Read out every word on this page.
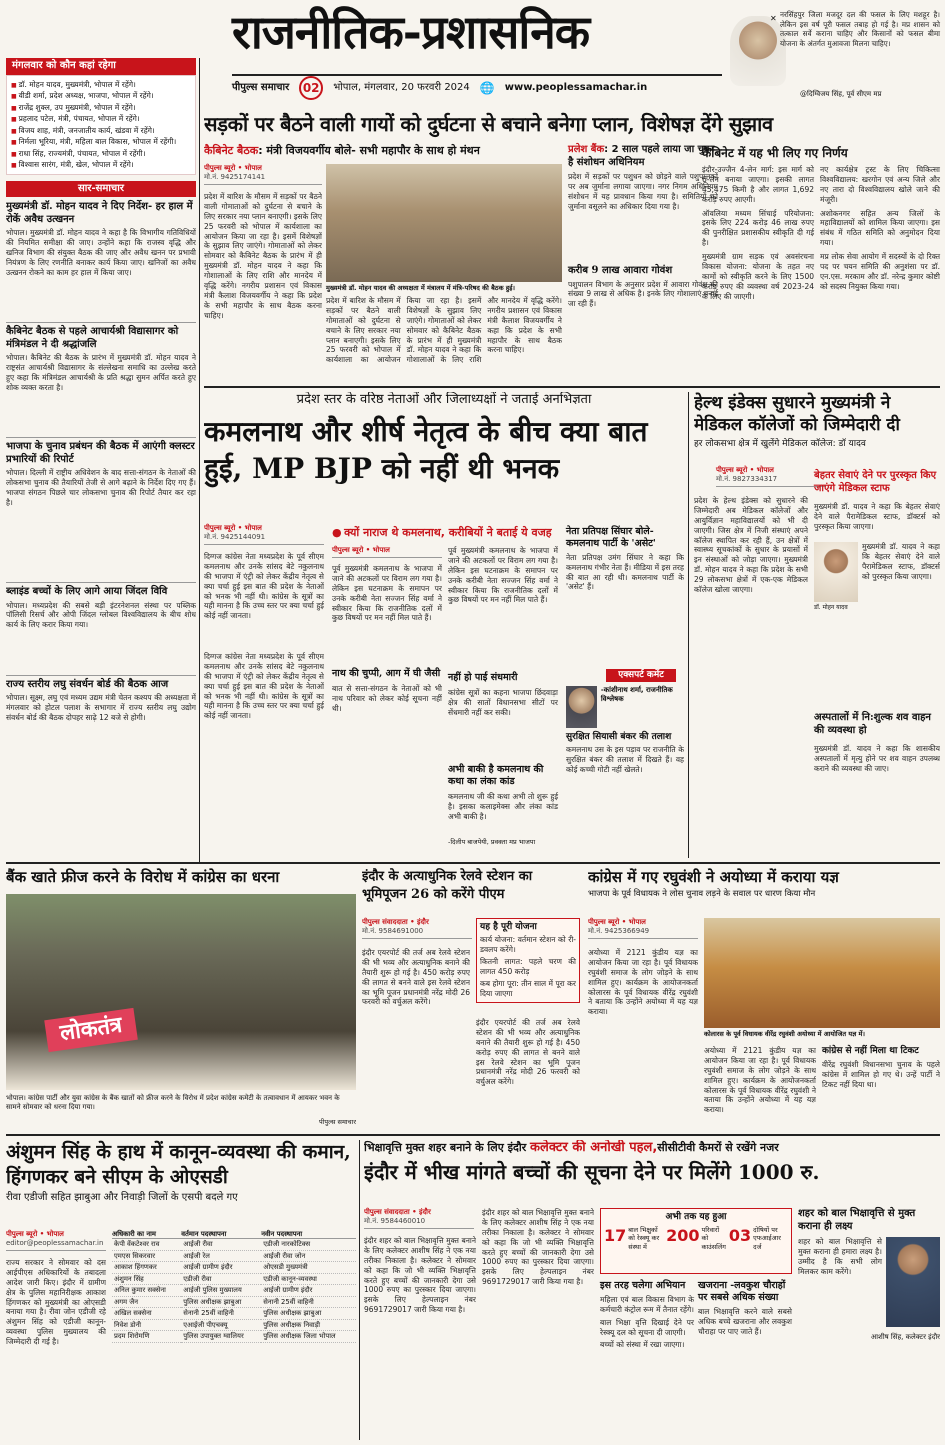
राजनीतिक-प्रशासनिक
पीपुल्स समाचार	02	भोपाल, मंगलवार, 20 फरवरी 2024 🌐 www.peoplessamachar.in
✕ नरसिंहपुर जिला मजदूर दल की फसल के लिए मशहूर है। लेकिन इस वर्ष पूरी फसल तबाह हो गई है। मप्र शासन को तत्काल सर्वे कराना चाहिए और किसानों को फसल बीमा योजना के अंतर्गत मुआवजा मिलना चाहिए।
@दिग्विजय सिंह, पूर्व सीएम मप्र
मंगलवार को कौन कहां रहेगा
■ डॉ. मोहन यादव, मुख्यमंत्री, भोपाल में रहेंगे।
■ वीडी शर्मा, प्रदेश अध्यक्ष, भाजपा, भोपाल में रहेंगे।
■ राजेंद्र शुक्ल, उप मुख्यमंत्री, भोपाल में रहेंगे।
■ प्रहलाद पटेल, मंत्री, पंचायत, भोपाल में रहेंगे।
■ विजय शाह, मंत्री, जनजातीय कार्य, खंडवा में रहेंगे।
■ निर्मला भूरिया, मंत्री, महिला बाल विकास, भोपाल में रहेंगी।
■ राधा सिंह, राज्यमंत्री, पंचायत, भोपाल में रहेंगी।
■ विश्वास सारंग, मंत्री, खेल, भोपाल में रहेंगे।
सार-समाचार
मुख्यमंत्री डॉ. मोहन यादव ने दिए निर्देश- हर हाल में रोकें अवैध उत्खनन
भोपाल। मुख्यमंत्री डॉ. मोहन यादव ने कहा है कि विभागीय गतिविधियों की नियमित समीक्षा की जाए। उन्होंने कहा कि राजस्व वृद्धि और खनिज विभाग की संयुक्त बैठक की जाए और अवैध खनन पर प्रभावी नियंत्रण के लिए रणनीति बनाकर कार्य किया जाए। खनिजों का अवैध उत्खनन रोकने का काम हर हाल में किया जाए।
कैबिनेट बैठक से पहले आचार्यश्री विद्यासागर को मंत्रिमंडल ने दी श्रद्धांजलि
भोपाल। कैबिनेट की बैठक के प्रारंभ में मुख्यमंत्री डॉ. मोहन यादव ने राष्ट्रसंत आचार्यश्री विद्यासागर के संल्लेखना समाधि का उल्लेख करते हुए कहा कि मंत्रिमंडल आचार्यश्री के प्रति श्रद्धा सुमन अर्पित करते हुए शोक व्यक्त करता है।
भाजपा के चुनाव प्रबंधन की बैठक में आएंगी क्लस्टर प्रभारियों की रिपोर्ट
भोपाल। दिल्ली में राष्ट्रीय अधिवेशन के बाद सत्ता-संगठन के नेताओं की लोकसभा चुनाव की तैयारियों तेजी से आगे बढ़ाने के निर्देश दिए गए हैं। भाजपा संगठन पिछले चार लोकसभा चुनाव की रिपोर्ट तैयार कर रहा है।
ब्लाइंड बच्चों के लिए आगे आया जिंदल विवि
भोपाल। मध्यप्रदेश की सबसे बड़ी इंटरनेशनल संस्था पर पब्लिक पॉलिसी रिसर्च और ओपी जिंदल ग्लोबल विश्वविद्यालय के बीच शोध कार्य के लिए करार किया गया।
राज्य स्तरीय लघु संवर्धन बोर्ड की बैठक आज
भोपाल। सूक्ष्म, लघु एवं मध्यम उद्यम मंत्री चेतन कश्यप की अध्यक्षता में मंगलवार को होटल पलाश के सभागार में राज्य स्तरीय लघु उद्योग संवर्धन बोर्ड की बैठक दोपहर साढ़े 12 बजे से होगी।
सड़कों पर बैठने वाली गायों को दुर्घटना से बचाने बनेगा प्लान, विशेषज्ञ देंगे सुझाव
कैबिनेट बैठक: मंत्री विजयवर्गीय बोले- सभी महापौर के साथ हो मंथन
पीपुल्स ब्यूरो • भोपाल
मो.नं. 9425174141
मुख्यमंत्री डॉ. मोहन यादव की अध्यक्षता में मंत्रालय में मंत्रि-परिषद की बैठक हुई।
प्रदेश में बारिश के मौसम में सड़कों पर बैठने वाली गोमाताओं को दुर्घटना से बचाने के लिए सरकार नया प्लान बनाएगी। इसके लिए 25 फरवरी को भोपाल में कार्यशाला का आयोजन किया जा रहा है। इसमें विशेषज्ञों के सुझाव लिए जाएंगे। गोमाताओं को लेकर सोमवार को कैबिनेट बैठक के प्रारंभ में ही मुख्यमंत्री डॉ. मोहन यादव ने कहा कि गोशालाओं के लिए राशि और मानदेय में वृद्धि करेंगे। नगरीय प्रशासन एवं विकास मंत्री कैलाश विजयवर्गीय ने कहा कि प्रदेश के सभी महापौर के साथ बैठक करना चाहिए।
प्रदेश में बारिश के मौसम में सड़कों पर बैठने वाली गोमाताओं को दुर्घटना से बचाने के लिए सरकार नया प्लान बनाएगी। इसके लिए 25 फरवरी को भोपाल में कार्यशाला का आयोजन किया जा रहा है। इसमें विशेषज्ञों के सुझाव लिए जाएंगे। गोमाताओं को लेकर सोमवार को कैबिनेट बैठक के प्रारंभ में ही मुख्यमंत्री डॉ. मोहन यादव ने कहा कि गोशालाओं के लिए राशि और मानदेय में वृद्धि करेंगे। नगरीय प्रशासन एवं विकास मंत्री कैलाश विजयवर्गीय ने कहा कि प्रदेश के सभी महापौर के साथ बैठक करना चाहिए।
प्रलेश बैंक: 2 साल पहले लाया जा चुका है संशोधन अधिनियम
प्रदेश में सड़कों पर पशुधन को छोड़ने वाले पशुपालकों पर अब जुर्माना लगाया जाएगा। नगर निगम अधिनियम संशोधन में यह प्रावधान किया गया है। समितियों को जुर्माना वसूलने का अधिकार दिया गया है।
करीब 9 लाख आवारा गोवंश
पशुपालन विभाग के अनुसार प्रदेश में आवारा गोवंश की संख्या 9 लाख से अधिक है। इनके लिए गोशालाएं बनाई जा रही हैं।
कैबिनेट में यह भी लिए गए निर्णय
इंदौर-उज्जैन 4-लेन मार्ग: इस मार्ग को 6-लेन बनाया जाएगा। इसकी लागत 45,475 किमी है और लागत 1,692 करोड़ रुपए आएगी।
ऑवलिया मध्यम सिंचाई परियोजना: इसके लिए 224 करोड़ 46 लाख रुपए की पुनरीक्षित प्रशासकीय स्वीकृति दी गई है।
मुख्यमंत्री ग्राम सड़क एवं अवसंरचना विकास योजना: योजना के तहत नए कामों को स्वीकृति करने के लिए 1500 करोड़ रुपए की व्यवस्था वर्ष 2023-24 के लिए की जाएगी।
नए कार्यक्षेत्र ट्रस्ट के लिए चिकित्सा विश्वविद्यालय: खरगोन एवं अन्य जिले और नए तारा दो विश्वविद्यालय खोले जाने की मंजूरी।
अशोकनगर सहित अन्य जिलों के महाविद्यालयों को शामिल किया जाएगा। इस संबंध में गठित समिति को अनुमोदन दिया गया।
मप्र लोक सेवा आयोग में सदस्यों के दो रिक्त पद पर चयन समिति की अनुशंसा पर डॉ. एन.एस. मरकाम और डॉ. नरेन्द्र कुमार कोष्टी को सदस्य नियुक्त किया गया।
प्रदेश स्तर के वरिष्ठ नेताओं और जिलाध्यक्षों ने जताई अनभिज्ञता
कमलनाथ और शीर्ष नेतृत्व के बीच क्या बात हुई, MP BJP को नहीं थी भनक
पीपुल्स ब्यूरो • भोपाल
मो.नं. 9425144091
दिग्गज कांग्रेस नेता मध्यप्रदेश के पूर्व सीएम कमलनाथ और उनके सांसद बेटे नकुलनाथ की भाजपा में एंट्री को लेकर केंद्रीय नेतृत्व से क्या चर्चा हुई इस बात की प्रदेश के नेताओं को भनक भी नहीं थी। कांग्रेस के सूत्रों का यही मानना है कि उच्च स्तर पर क्या चर्चा हुई कोई नहीं जानता।
दिग्गज कांग्रेस नेता मध्यप्रदेश के पूर्व सीएम कमलनाथ और उनके सांसद बेटे नकुलनाथ की भाजपा में एंट्री को लेकर केंद्रीय नेतृत्व से क्या चर्चा हुई इस बात की प्रदेश के नेताओं को भनक भी नहीं थी। कांग्रेस के सूत्रों का यही मानना है कि उच्च स्तर पर क्या चर्चा हुई कोई नहीं जानता।
● क्यों नाराज थे कमलनाथ, करीबियों ने बताई ये वजह
पीपुल्स ब्यूरो • भोपाल
पूर्व मुख्यमंत्री कमलनाथ के भाजपा में जाने की अटकलों पर विराम लग गया है। लेकिन इस घटनाक्रम के समापन पर उनके करीबी नेता सज्जन सिंह वर्मा ने स्वीकार किया कि राजनीतिक दलों में कुछ विषयों पर मन नहीं मिल पाते हैं।
नाथ की चुप्पी, आग में घी जैसी
बात से सत्ता-संगठन के नेताओं को भी नाथ परिवार को लेकर कोई सूचना नहीं थी।
पूर्व मुख्यमंत्री कमलनाथ के भाजपा में जाने की अटकलों पर विराम लग गया है। लेकिन इस घटनाक्रम के समापन पर उनके करीबी नेता सज्जन सिंह वर्मा ने स्वीकार किया कि राजनीतिक दलों में कुछ विषयों पर मन नहीं मिल पाते हैं।
नहीं हो पाई संधमारी
कांग्रेस सूत्रों का कहना भाजपा छिंदवाड़ा क्षेत्र की सातों विधानसभा सीटों पर सेंधमारी नहीं कर सकी।
अभी बाकी है कमलनाथ की कथा का लंका कांड
कमलनाथ जी की कथा अभी तो शुरू हुई है। इसका कलाइमेक्स और लंका कांड अभी बाकी है।
-दिलीप बाजपेयी, प्रवक्ता मप्र भाजपा
नेता प्रतिपक्ष सिंघार बोले- कमलनाथ पार्टी के 'असेट'
नेता प्रतिपक्ष उमंग सिंघार ने कहा कि कमलनाथ गंभीर नेता हैं। मीडिया में इस तरह की बात आ रही थी। कमलनाथ पार्टी के 'असेट' हैं।
एक्सपर्ट कमेंट
-कांशीनाथ शर्मा, राजनीतिक विश्लेषक
सुरक्षित सियासी बंकर की तलाश
कमलनाथ उस के इस पड़ाव पर राजनीति के सुरक्षित बंकर की तलाश में दिखते हैं। वह कोई कच्ची गोटी नहीं खेलते।
हेल्थ इंडेक्स सुधारने मुख्यमंत्री ने मेडिकल कॉलेजों को जिम्मेदारी दी
हर लोकसभा क्षेत्र में खुलेंगे मेडिकल कॉलेज: डॉ यादव
पीपुल्स ब्यूरो • भोपाल
मो.नं. 9827334317
प्रदेश के हेल्थ इंडेक्स को सुधारने की जिम्मेदारी अब मेडिकल कॉलेजों और आयुर्विज्ञान महाविद्यालयों को भी दी जाएगी। जिस क्षेत्र में निजी संस्थाएं अपने कॉलेज स्थापित कर रही हैं, उन क्षेत्रों में स्वास्थ्य सूचकांकों के सुधार के प्रयासों में इन संस्थाओं को जोड़ा जाएगा। मुख्यमंत्री डॉ. मोहन यादव ने कहा कि प्रदेश के सभी 29 लोकसभा क्षेत्रों में एक-एक मेडिकल कॉलेज खोला जाएगा।
बेहतर सेवाएं देने पर पुरस्कृत किए जाएंगे मेडिकल स्टाफ
मुख्यमंत्री डॉ. यादव ने कहा कि बेहतर सेवाएं देने वाले पैरामेडिकल स्टाफ, डॉक्टर्स को पुरस्कृत किया जाएगा।
डॉ. मोहन यादव
मुख्यमंत्री डॉ. यादव ने कहा कि बेहतर सेवाएं देने वाले पैरामेडिकल स्टाफ, डॉक्टर्स को पुरस्कृत किया जाएगा।
अस्पतालों में नि:शुल्क शव वाहन की व्यवस्था हो
मुख्यमंत्री डॉ. यादव ने कहा कि शासकीय अस्पतालों में मृत्यु होने पर शव वाहन उपलब्ध कराने की व्यवस्था की जाए।
बैंक खाते फ्रीज करने के विरोध में कांग्रेस का धरना
लोकतंत्र
भोपाल। कांग्रेस पार्टी और युवा कांग्रेस के बैंक खातों को फ्रीज करने के विरोध में प्रदेश कांग्रेस कमेटी के तत्वावधान में आयकर भवन के सामने सोमवार को धरना दिया गया।
पीपुल्स समाचार
इंदौर के अत्याधुनिक रेलवे स्टेशन का भूमिपूजन 26 को करेंगे पीएम
पीपुल्स संवाददाता • इंदौर
मो.नं. 9584691000
इंदौर एयरपोर्ट की तर्ज अब रेलवे स्टेशन की भी भव्य और अत्याधुनिक बनाने की तैयारी शुरू हो गई है। 450 करोड़ रुपए की लागत से बनने वाले इस रेलवे स्टेशन का भूमि पूजन प्रधानमंत्री नरेंद्र मोदी 26 फरवरी को वर्चुअल करेंगे।
यह है पूरी योजना
कार्य योजना: वर्तमान स्टेशन को री-डवलप करेंगे।
कितनी लागत: पहले चरण की लागत 450 करोड़
कब होगा पूरा: तीन साल में पूरा कर दिया जाएगा
इंदौर एयरपोर्ट की तर्ज अब रेलवे स्टेशन की भी भव्य और अत्याधुनिक बनाने की तैयारी शुरू हो गई है। 450 करोड़ रुपए की लागत से बनने वाले इस रेलवे स्टेशन का भूमि पूजन प्रधानमंत्री नरेंद्र मोदी 26 फरवरी को वर्चुअल करेंगे।
कांग्रेस में गए रघुवंशी ने अयोध्या में कराया यज्ञ
भाजपा के पूर्व विधायक ने लोस चुनाव लड़ने के सवाल पर धारण किया मौन
पीपुल्स ब्यूरो • भोपाल
मो.नं. 9425366949
अयोध्या में 2121 कुंडीय यज्ञ का आयोजन किया जा रहा है। पूर्व विधायक रघुवंशी समाज के लोग जोड़ने के साथ शामिल हुए। कार्यक्रम के आयोजनकर्ता कोलारस के पूर्व विधायक वीरेंद्र रघुवंशी ने बताया कि उन्होंने अयोध्या में यह यज्ञ कराया।
कोलारस के पूर्व विधायक वीरेंद्र रघुवंशी अयोध्या में आयोजित यज्ञ में।
अयोध्या में 2121 कुंडीय यज्ञ का आयोजन किया जा रहा है। पूर्व विधायक रघुवंशी समाज के लोग जोड़ने के साथ शामिल हुए। कार्यक्रम के आयोजनकर्ता कोलारस के पूर्व विधायक वीरेंद्र रघुवंशी ने बताया कि उन्होंने अयोध्या में यह यज्ञ कराया।
कांग्रेस से नहीं मिला था टिकट
वीरेंद्र रघुवंशी विधानसभा चुनाव के पहले कांग्रेस में शामिल हो गए थे। उन्हें पार्टी ने टिकट नहीं दिया था।
अंशुमन सिंह के हाथ में कानून-व्यवस्था की कमान, हिंगणकर बने सीएम के ओएसडी
रीवा एडीजी सहित झाबुआ और निवाड़ी जिलों के एसपी बदले गए
पीपुल्स ब्यूरो • भोपाल
editor@peoplessamachar.in
राज्य सरकार ने सोमवार को दस आईपीएस अधिकारियों के तबादला आदेश जारी किए। इंदौर में ग्रामीण क्षेत्र के पुलिस महानिरीक्षक आकाश हिंगणकर को मुख्यमंत्री का ओएसडी बनाया गया है। रीवा जोन एडीजी रहे अंशुमन सिंह को एडीजी कानून-व्यवस्था पुलिस मुख्यालय की जिम्मेदारी दी गई है।
अधिकारी का नाम	वर्तमान पदस्थापना	नवीन पदस्थापना
केपी वेंकटेश्वर राव	आईजी रीवा	एडीजी नारकोटिक्स
एमएस सिकरवार	आईजी रेल	आईजी रीवा जोन
आकाश हिंगणकर	आईजी ग्रामीण इंदौर	ओएसडी मुख्यमंत्री
अंशुमन सिंह	एडीजी रीवा	एडीजी कानून-व्यवस्था
अनिल कुमार सक्सेना	आईजी पुलिस मुख्यालय	आईजी ग्रामीण इंदौर
अगम जैन	पुलिस अधीक्षक झाबुआ	सेनानी 25वीं वाहिनी
अखिल सक्सेना	सेनानी 25वीं वाहिनी	पुलिस अधीक्षक झाबुआ
निवेश डोनी	एआईजी पीएचक्यू	पुलिस अधीक्षक निवाड़ी
प्रदम शिरोमणि	पुलिस उपायुक्त ग्वालियर	पुलिस अधीक्षक जिला भोपाल
भिक्षावृत्ति मुक्त शहर बनाने के लिए इंदौर कलेक्टर की अनोखी पहल,सीसीटीवी कैमरों से रखेंगे नजर
इंदौर में भीख मांगते बच्चों की सूचना देने पर मिलेंगे 1000 रु.
पीपुल्स संवाददाता • इंदौर
मो.नं. 9584460010
इंदौर शहर को बाल भिक्षावृत्ति मुक्त बनाने के लिए कलेक्टर आशीष सिंह ने एक नया तरीका निकाला है। कलेक्टर ने सोमवार को कहा कि जो भी व्यक्ति भिक्षावृत्ति करते हुए बच्चों की जानकारी देगा उसे 1000 रुपए का पुरस्कार दिया जाएगा। इसके लिए हेल्पलाइन नंबर 9691729017 जारी किया गया है।
इंदौर शहर को बाल भिक्षावृत्ति मुक्त बनाने के लिए कलेक्टर आशीष सिंह ने एक नया तरीका निकाला है। कलेक्टर ने सोमवार को कहा कि जो भी व्यक्ति भिक्षावृत्ति करते हुए बच्चों की जानकारी देगा उसे 1000 रुपए का पुरस्कार दिया जाएगा। इसके लिए हेल्पलाइन नंबर 9691729017 जारी किया गया है।
अभी तक यह हुआ
17 बाल भिक्षुकों को रेस्क्यू कर संस्था में
200 परिवारों को काउंसलिंग
03 दोषियों पर एफआईआर दर्ज
इस तरह चलेगा अभियान
महिला एवं बाल विकास विभाग के कर्मचारी कंट्रोल रूम में तैनात रहेंगे।
बाल भिक्षा वृत्ति दिखाई देने पर रेस्क्यू दल को सूचना दी जाएगी।
बच्चों को संस्था में रखा जाएगा।
खजराना -लवकुश चौराहों पर सबसे अधिक संख्या
बाल भिक्षावृत्ति करने वाले सबसे अधिक बच्चे खजराना और लवकुश चौराहा पर पाए जाते हैं।
शहर को बाल भिक्षावृत्ति से मुक्त कराना ही लक्ष्य
शहर को बाल भिक्षावृत्ति से मुक्त कराना ही हमारा लक्ष्य है। उम्मीद है कि सभी लोग मिलकर काम करेंगे।
आशीष सिंह, कलेक्टर इंदौर
